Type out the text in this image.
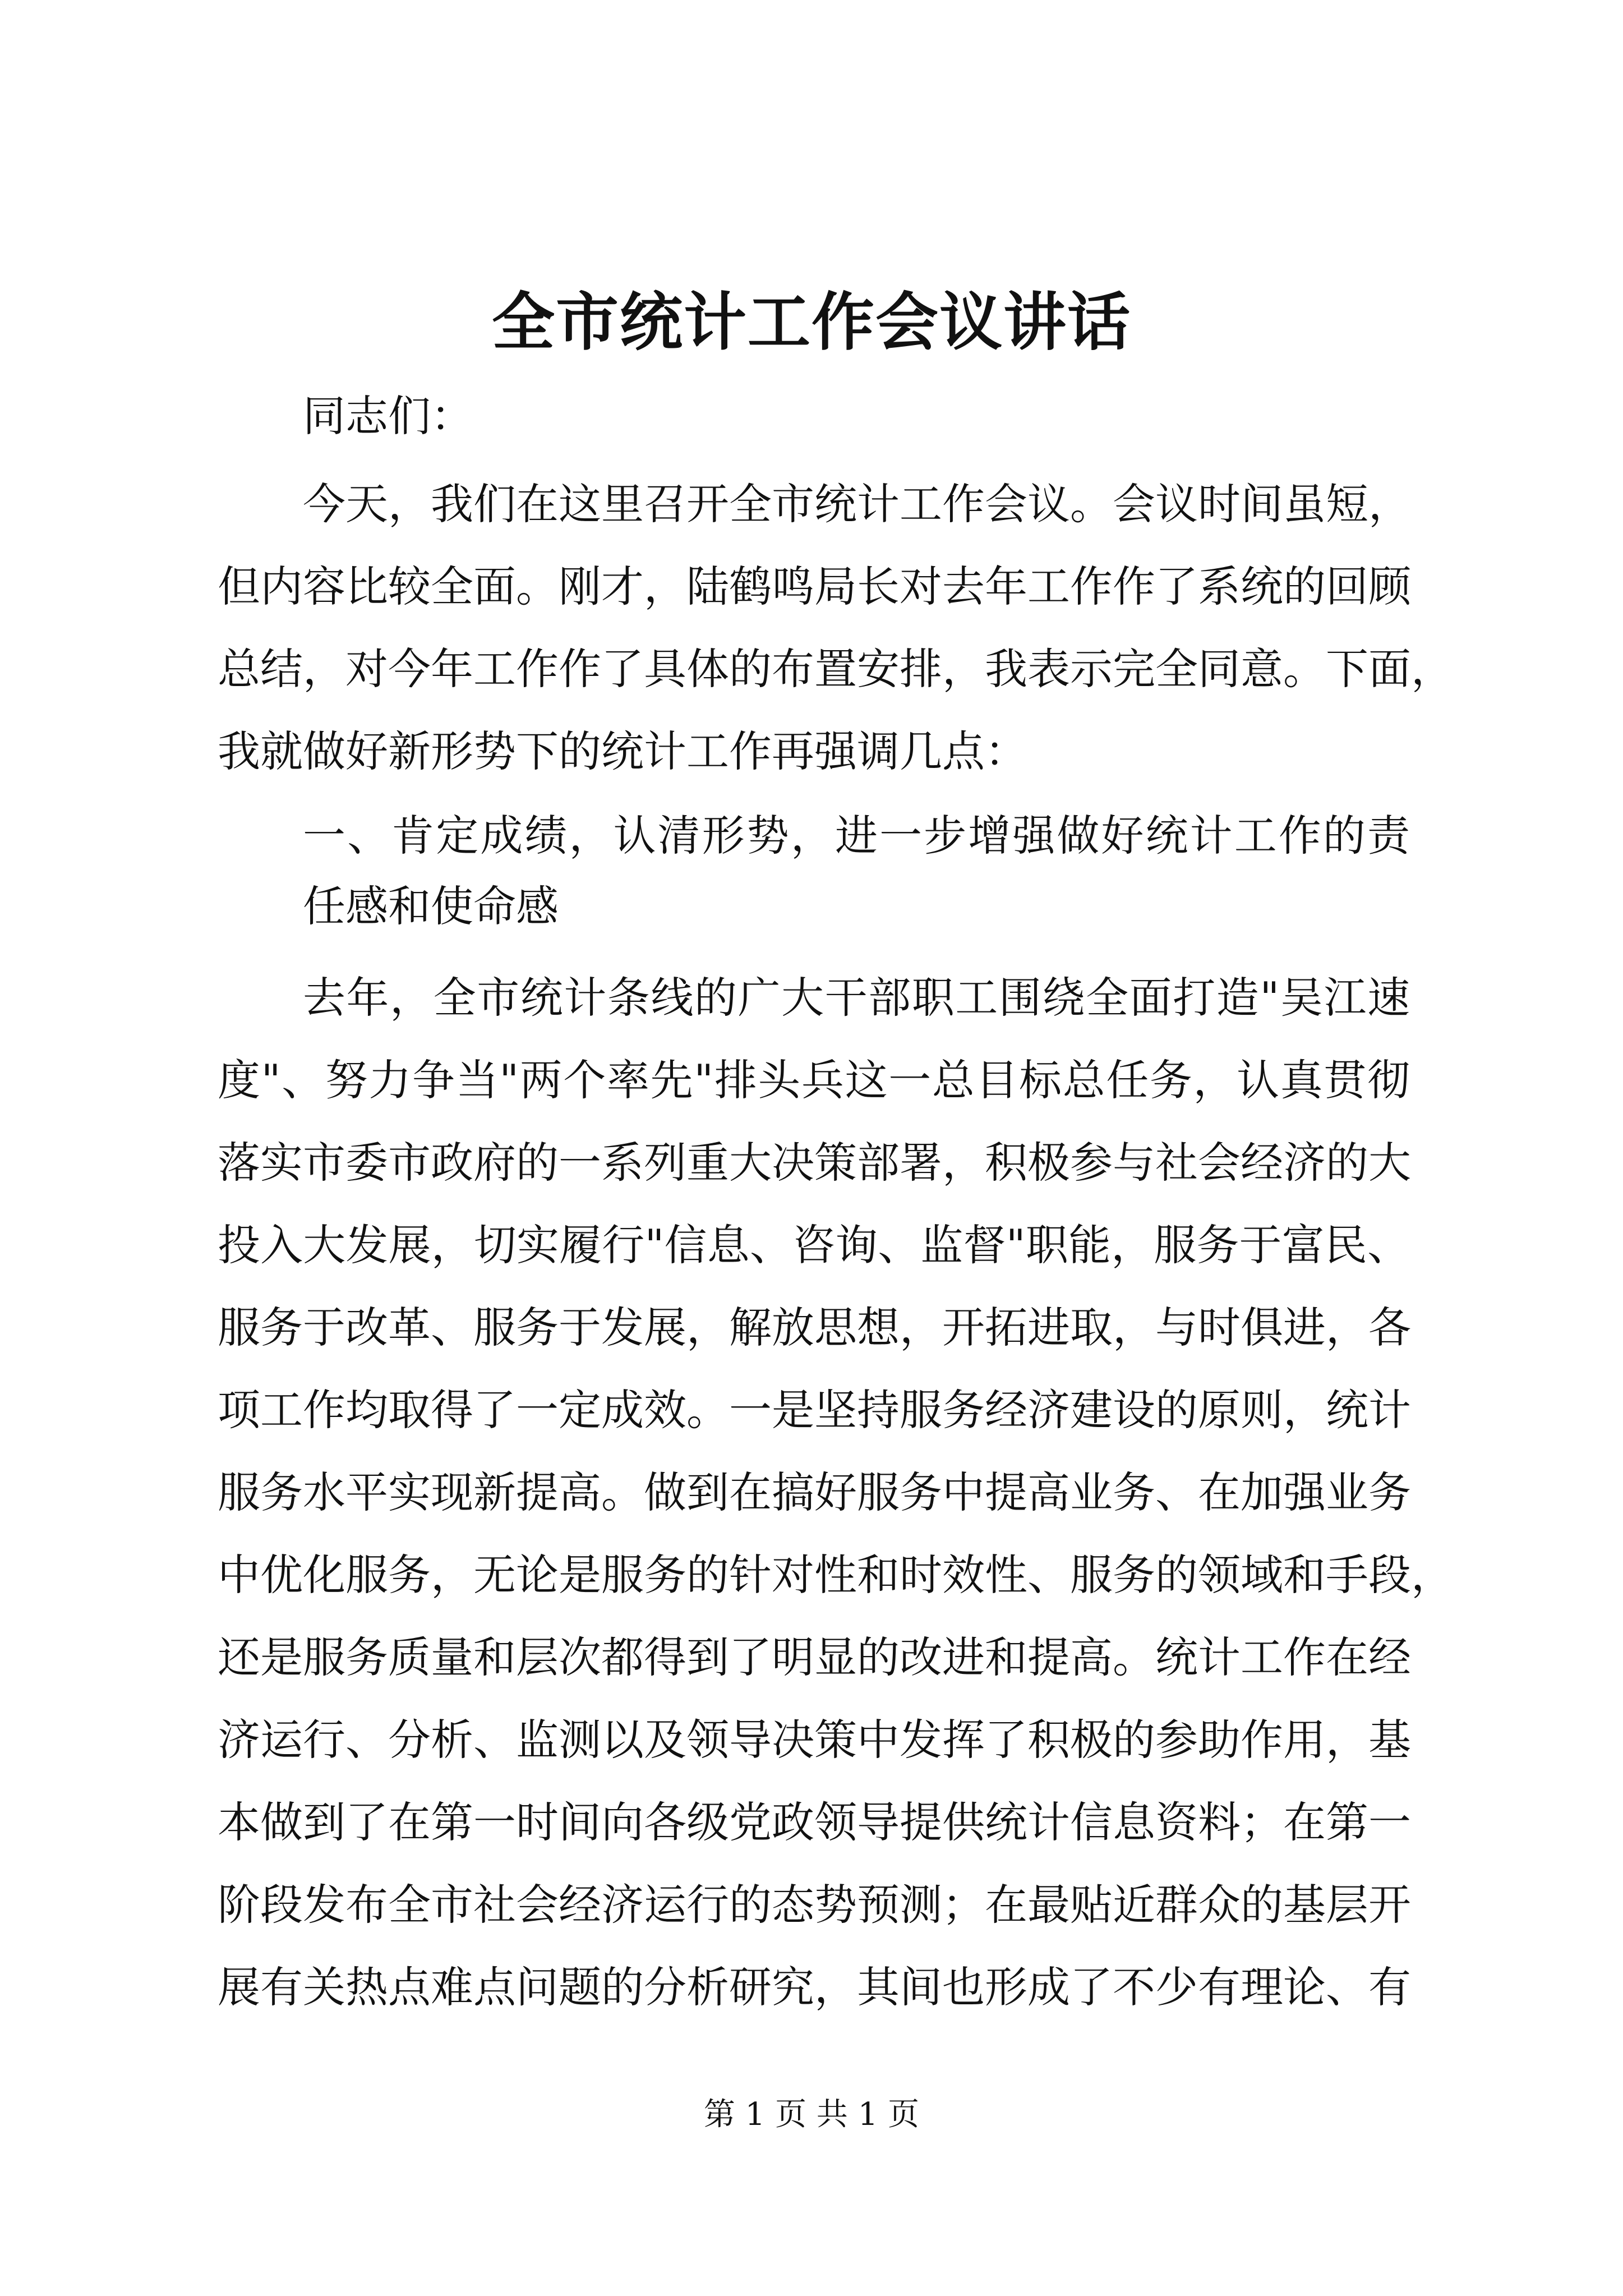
全市统计工作会议讲话
同志们：
今天，我们在这里召开全市统计工作会议。会议时间虽短，
但内容比较全面。刚才，陆鹤鸣局长对去年工作作了系统的回顾
总结，对今年工作作了具体的布置安排，我表示完全同意。下面，
我就做好新形势下的统计工作再强调几点：
一、肯定成绩，认清形势，进一步增强做好统计工作的责
任感和使命感
去年，全市统计条线的广大干部职工围绕全面打造"吴江速
度"、努力争当"两个率先"排头兵这一总目标总任务，认真贯彻
落实市委市政府的一系列重大决策部署，积极参与社会经济的大
投入大发展，切实履行"信息、咨询、监督"职能，服务于富民、
服务于改革、服务于发展，解放思想，开拓进取，与时俱进，各
项工作均取得了一定成效。一是坚持服务经济建设的原则，统计
服务水平实现新提高。做到在搞好服务中提高业务、在加强业务
中优化服务，无论是服务的针对性和时效性、服务的领域和手段，
还是服务质量和层次都得到了明显的改进和提高。统计工作在经
济运行、分析、监测以及领导决策中发挥了积极的参助作用，基
本做到了在第一时间向各级党政领导提供统计信息资料；在第一
阶段发布全市社会经济运行的态势预测；在最贴近群众的基层开
展有关热点难点问题的分析研究，其间也形成了不少有理论、有
第 1 页 共 1 页
